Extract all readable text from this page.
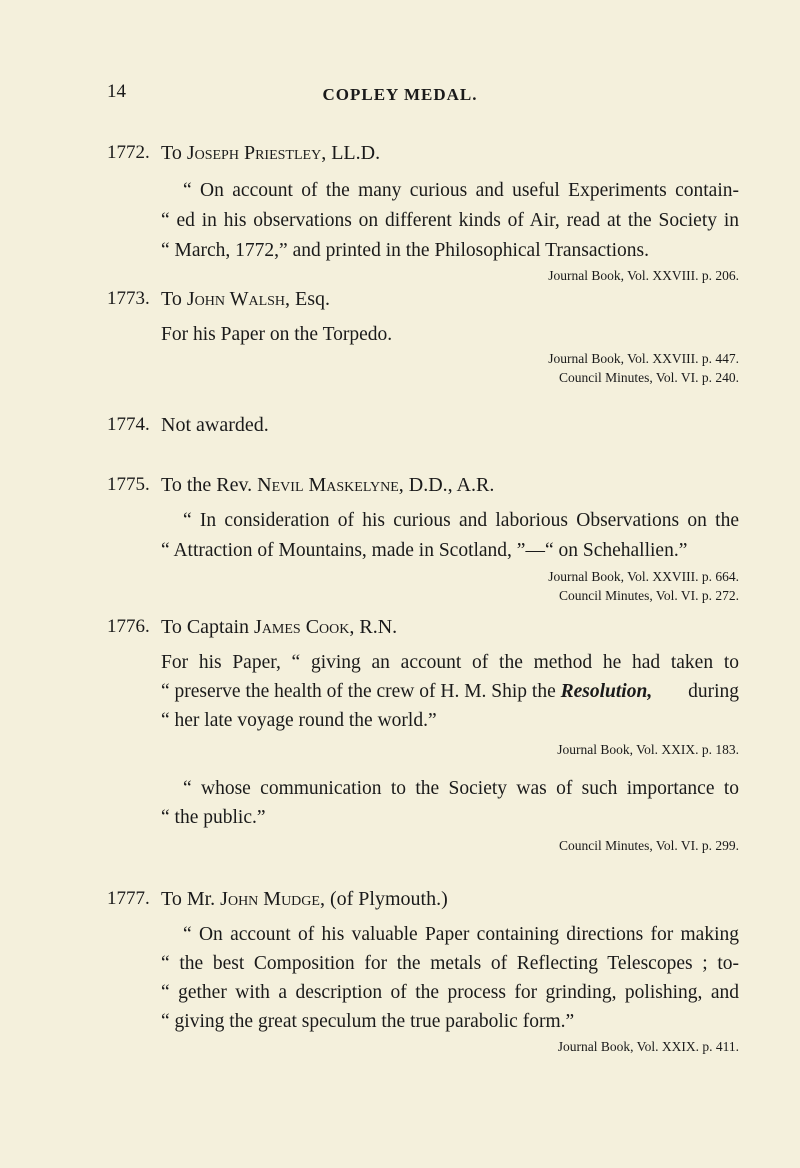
14	COPLEY MEDAL.
1772. To Joseph Priestley, LL.D.
“ On account of the many curious and useful Experiments contain-
“ ed in his observations on different kinds of Air, read at the Society in
“ March, 1772,” and printed in the Philosophical Transactions.
Journal Book, Vol. XXVIII. p. 206.
1773. To John Walsh, Esq.
For his Paper on the Torpedo.
Journal Book, Vol. XXVIII. p. 447.
Council Minutes, Vol. VI. p. 240.
1774. Not awarded.
1775. To the Rev. Nevil Maskelyne, D.D., A.R.
“ In consideration of his curious and laborious Observations on the
“ Attraction of Mountains, made in Scotland, ”—“ on Schehallien.”
Journal Book, Vol. XXVIII. p. 664.
Council Minutes, Vol. VI. p. 272.
1776. To Captain James Cook, R.N.
For his Paper, “ giving an account of the method he had taken to
“ preserve the health of the crew of H. M. Ship the Resolution, during
“ her late voyage round the world.”
Journal Book, Vol. XXIX. p. 183.
“ whose communication to the Society was of such importance to
“ the public.”
Council Minutes, Vol. VI. p. 299.
1777. To Mr. John Mudge, (of Plymouth.)
“ On account of his valuable Paper containing directions for making
“ the best Composition for the metals of Reflecting Telescopes ; to-
“ gether with a description of the process for grinding, polishing, and
“ giving the great speculum the true parabolic form.”
Journal Book, Vol. XXIX. p. 411.
